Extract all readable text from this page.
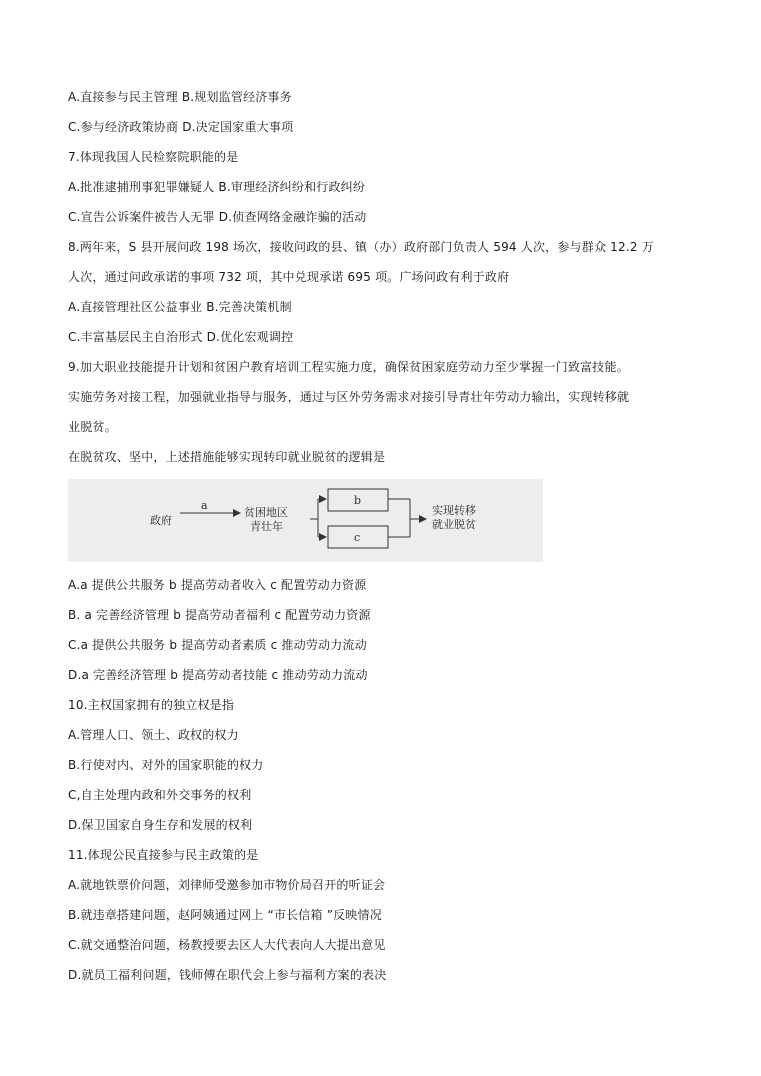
A.直接参与民主管理 B.规划监管经济事务
C.参与经济政策协商 D.决定国家重大事项
7.体现我国人民检察院职能的是
A.批准逮捕刑事犯罪嫌疑人 B.审理经济纠纷和行政纠纷
C.宣告公诉案件被告人无罪 D.侦查网络金融诈骗的活动
8.两年来，S 县开展问政 198 场次，接收问政的县、镇（办）政府部门负责人 594 人次，参与群众 12.2 万
人次，通过问政承诺的事项 732 项，其中兑现承诺 695 项。广场问政有利于政府
A.直接管理社区公益事业 B.完善决策机制
C.丰富基层民主自治形式 D.优化宏观调控
9.加大职业技能提升计划和贫困户教育培训工程实施力度，确保贫困家庭劳动力至少掌握一门致富技能。
实施劳务对接工程，加强就业指导与服务，通过与区外劳务需求对接引导青壮年劳动力输出，实现转移就
业脱贫。
在脱贫攻、坚中，上述措施能够实现转印就业脱贫的逻辑是
政府
a
贫困地区
青壮年
b
c
实现转移
就业脱贫
A.a 提供公共服务 b 提高劳动者收入 c 配置劳动力资源
B. a 完善经济管理 b 提高劳动者福利 c 配置劳动力资源
C.a 提供公共服务 b 提高劳动者素质 c 推动劳动力流动
D.a 完善经济管理 b 提高劳动者技能 c 推动劳动力流动
10.主权国家拥有的独立权是指
A.管理人口、领土、政权的权力
B.行使对内、对外的国家职能的权力
C,自主处理内政和外交事务的权利
D.保卫国家自身生存和发展的权利
11.体现公民直接参与民主政策的是
A.就地铁票价问题，刘律师受邀参加市物价局召开的听证会
B.就违章搭建问题，赵阿姨通过网上 “市长信箱 ”反映情况
C.就交通整治问题，杨教授要去区人大代表向人大提出意见
D.就员工福利问题，钱师傅在职代会上参与福利方案的表决
